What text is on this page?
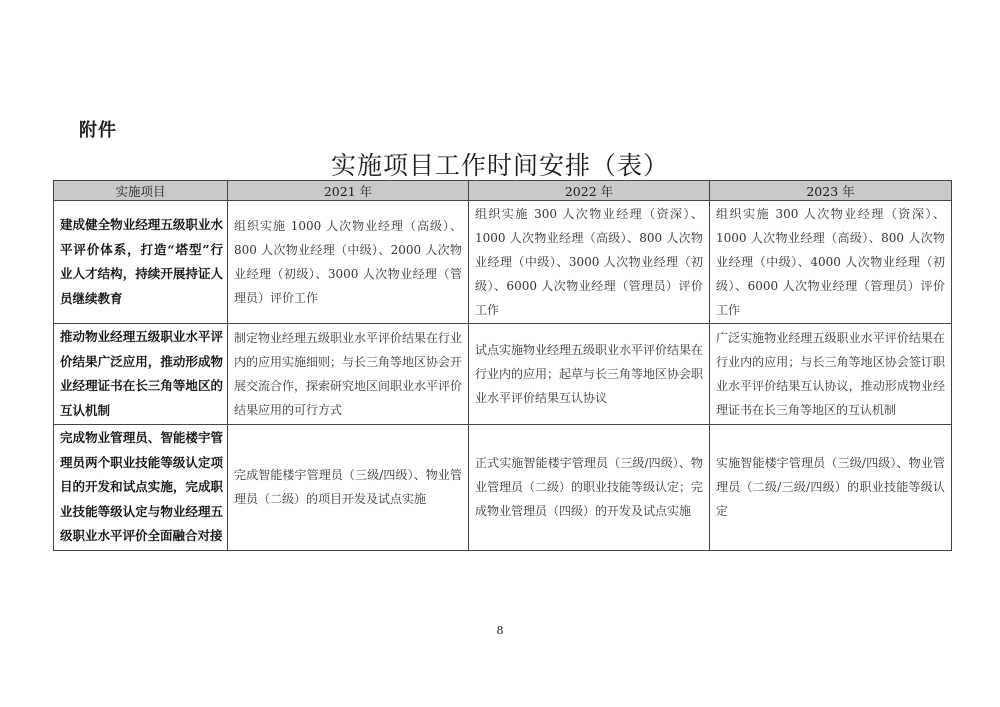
附件
实施项目工作时间安排（表）
实施项目	2021 年	2022 年	2023 年
建成健全物业经理五级职业水平评价体系，打造“塔型”行业人才结构，持续开展持证人员继续教育	组织实施 1000 人次物业经理（高级）、800 人次物业经理（中级）、2000 人次物业经理（初级）、3000 人次物业经理（管理员）评价工作	组织实施 300 人次物业经理（资深）、1000 人次物业经理（高级）、800 人次物业经理（中级）、3000 人次物业经理（初级）、6000 人次物业经理（管理员）评价工作	组织实施 300 人次物业经理（资深）、1000 人次物业经理（高级）、800 人次物业经理（中级）、4000 人次物业经理（初级）、6000 人次物业经理（管理员）评价工作
推动物业经理五级职业水平评价结果广泛应用，推动形成物业经理证书在长三角等地区的互认机制	制定物业经理五级职业水平评价结果在行业内的应用实施细则；与长三角等地区协会开展交流合作，探索研究地区间职业水平评价结果应用的可行方式	试点实施物业经理五级职业水平评价结果在行业内的应用；起草与长三角等地区协会职业水平评价结果互认协议	广泛实施物业经理五级职业水平评价结果在行业内的应用；与长三角等地区协会签订职业水平评价结果互认协议，推动形成物业经理证书在长三角等地区的互认机制
完成物业管理员、智能楼宇管理员两个职业技能等级认定项目的开发和试点实施，完成职业技能等级认定与物业经理五级职业水平评价全面融合对接	完成智能楼宇管理员（三级/四级）、物业管理员（二级）的项目开发及试点实施	正式实施智能楼宇管理员（三级/四级）、物业管理员（二级）的职业技能等级认定；完成物业管理员（四级）的开发及试点实施	实施智能楼宇管理员（三级/四级）、物业管理员（二级/三级/四级）的职业技能等级认定
8
